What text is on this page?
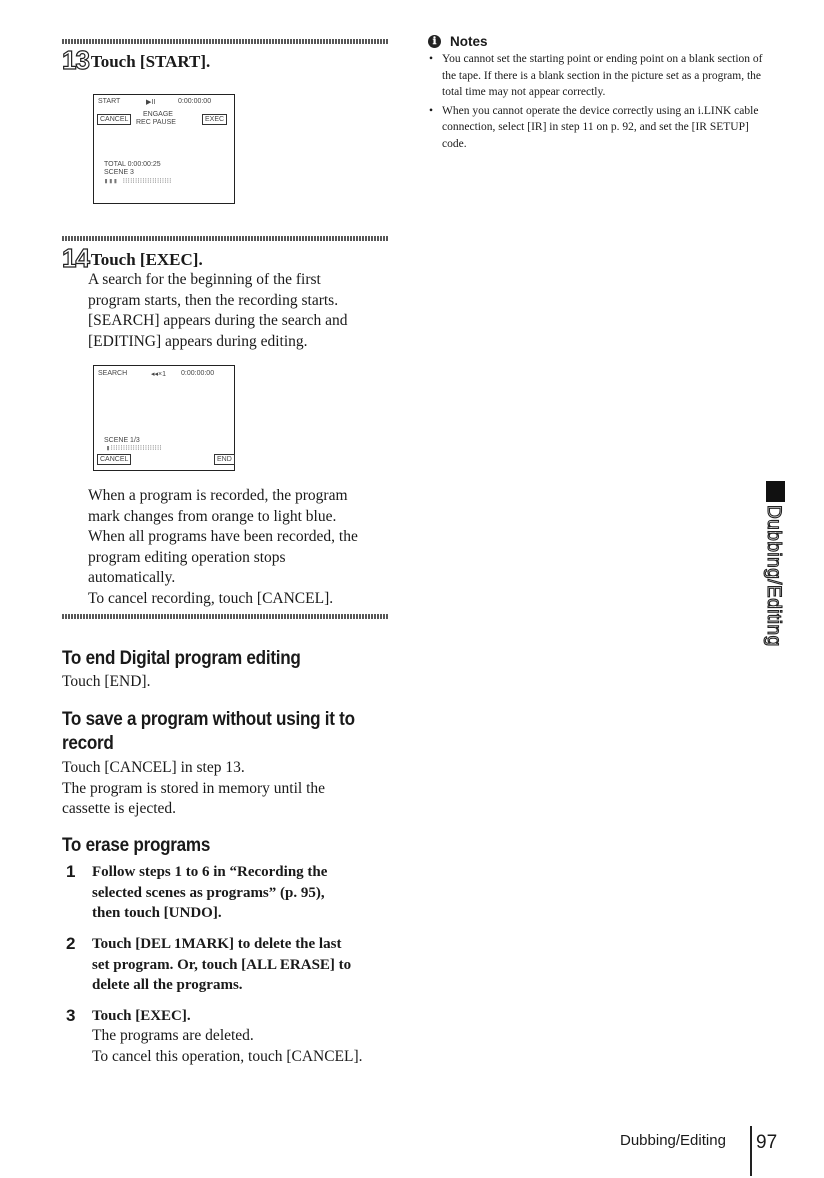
13 Touch [START].
START	▶II	0:00:00:00
CANCEL
ENGAGE
REC PAUSE	EXEC
TOTAL 0:00:00:25
SCENE 3
▮▮▮ ⁞⁞⁞⁞⁞⁞⁞⁞⁞⁞⁞⁞⁞⁞⁞⁞⁞⁞⁞⁞
14 Touch [EXEC].

A search for the beginning of the first

program starts, then the recording starts.

[SEARCH] appears during the search and

[EDITING] appears during editing.

SEARCH	◂◂×1 0:00:00:00
SCENE 1/3
▮⁞⁞⁞⁞⁞⁞⁞⁞⁞⁞⁞⁞⁞⁞⁞⁞⁞⁞⁞⁞⁞
CANCEL	END

When a program is recorded, the program

mark changes from orange to light blue.

When all programs have been recorded, the

program editing operation stops

automatically.

To cancel recording, touch [CANCEL].

To end Digital program editing
Touch [END].
To save a program without using it to
record

Touch [CANCEL] in step 13.

The program is stored in memory until the

cassette is ejected.

To erase programs
1 Follow steps 1 to 6 in “Recording the
selected scenes as programs” (p. 95),
then touch [UNDO].
2 Touch [DEL 1MARK] to delete the last
set program. Or, touch [ALL ERASE] to
delete all the programs.
3 Touch [EXEC].
The programs are deleted.
To cancel this operation, touch [CANCEL].
ℹ	Notes
• You cannot set the starting point or ending point on a blank section of the tape. If there is a blank section in the picture set as a program, the total time may not appear correctly.
• When you cannot operate the device correctly using an i.LINK cable connection, select [IR] in step 11 on p. 92, and set the [IR SETUP] code.
Dubbing/Editing
Dubbing/Editing 97
